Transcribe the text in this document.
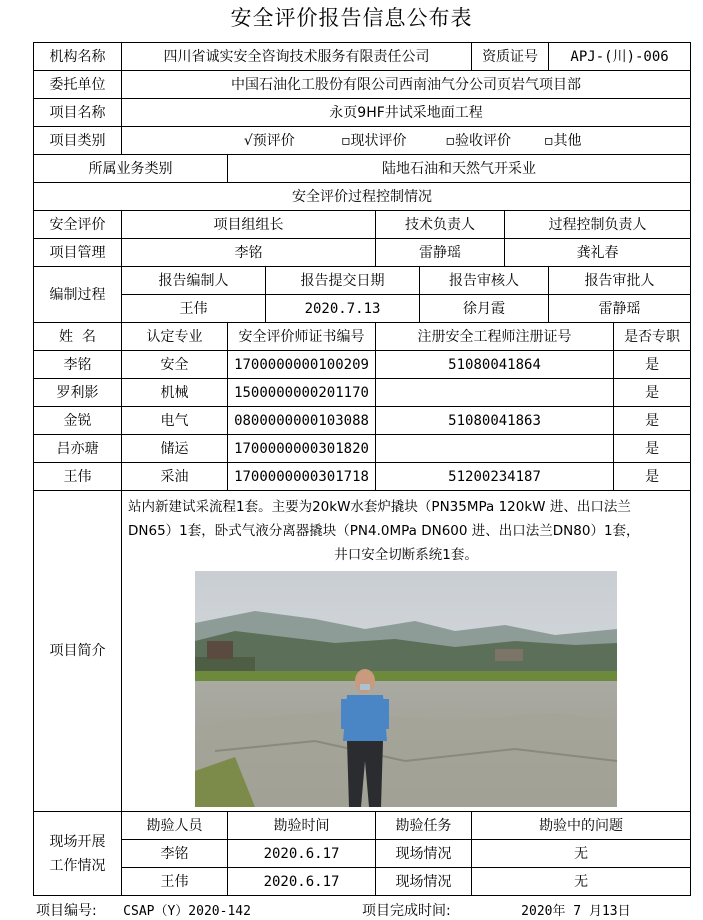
安全评价报告信息公布表
机构名称	四川省诚实安全咨询技术服务有限责任公司					资质证号		APJ-(川)-006	
委托单位	中国石油化工股份有限公司西南油气分公司页岩气项目部								
项目名称	永页9HF井试采地面工程								
项目类别	√预评价 ▫现状评价 ▫验收评价 ▫其他								
所属业务类别		陆地石油和天然气开采业							
安全评价过程控制情况									
安全评价	项目组组长			技术负责人			过程控制负责人		
项目管理	李铭			雷静瑶			龚礼春		
编制过程	报告编制人		报告提交日期		报告审核人			报告审批人	
	王伟		2020.7.13		徐月霞			雷静瑶	
姓  名	认定专业	安全评价师证书编号		注册安全工程师注册证号					是否专职
李铭	安全	1700000000100209		51080041864					是
罗利影	机械	1500000000201170							是
金锐	电气	0800000000103088		51080041863					是
吕亦瑭	储运	1700000000301820							是
王伟	采油	1700000000301718		51200234187					是
项目简介	站内新建试采流程1套。主要为20kW水套炉撬块（PN35MPa 120kW 进、出口法兰
DN65）1套，卧式气液分离器撬块（PN4.0MPa DN600 进、出口法兰DN80）1套，
井口安全切断系统1套。								

现场开展
工作情况	勘验人员	勘验时间		勘验任务		勘验中的问题			
	李铭	2020.6.17		现场情况		无			
	王伟	2020.6.17		现场情况		无			
项目编号: CSAP（Y）2020-142	项目完成时间:	2020年 7 月13日
